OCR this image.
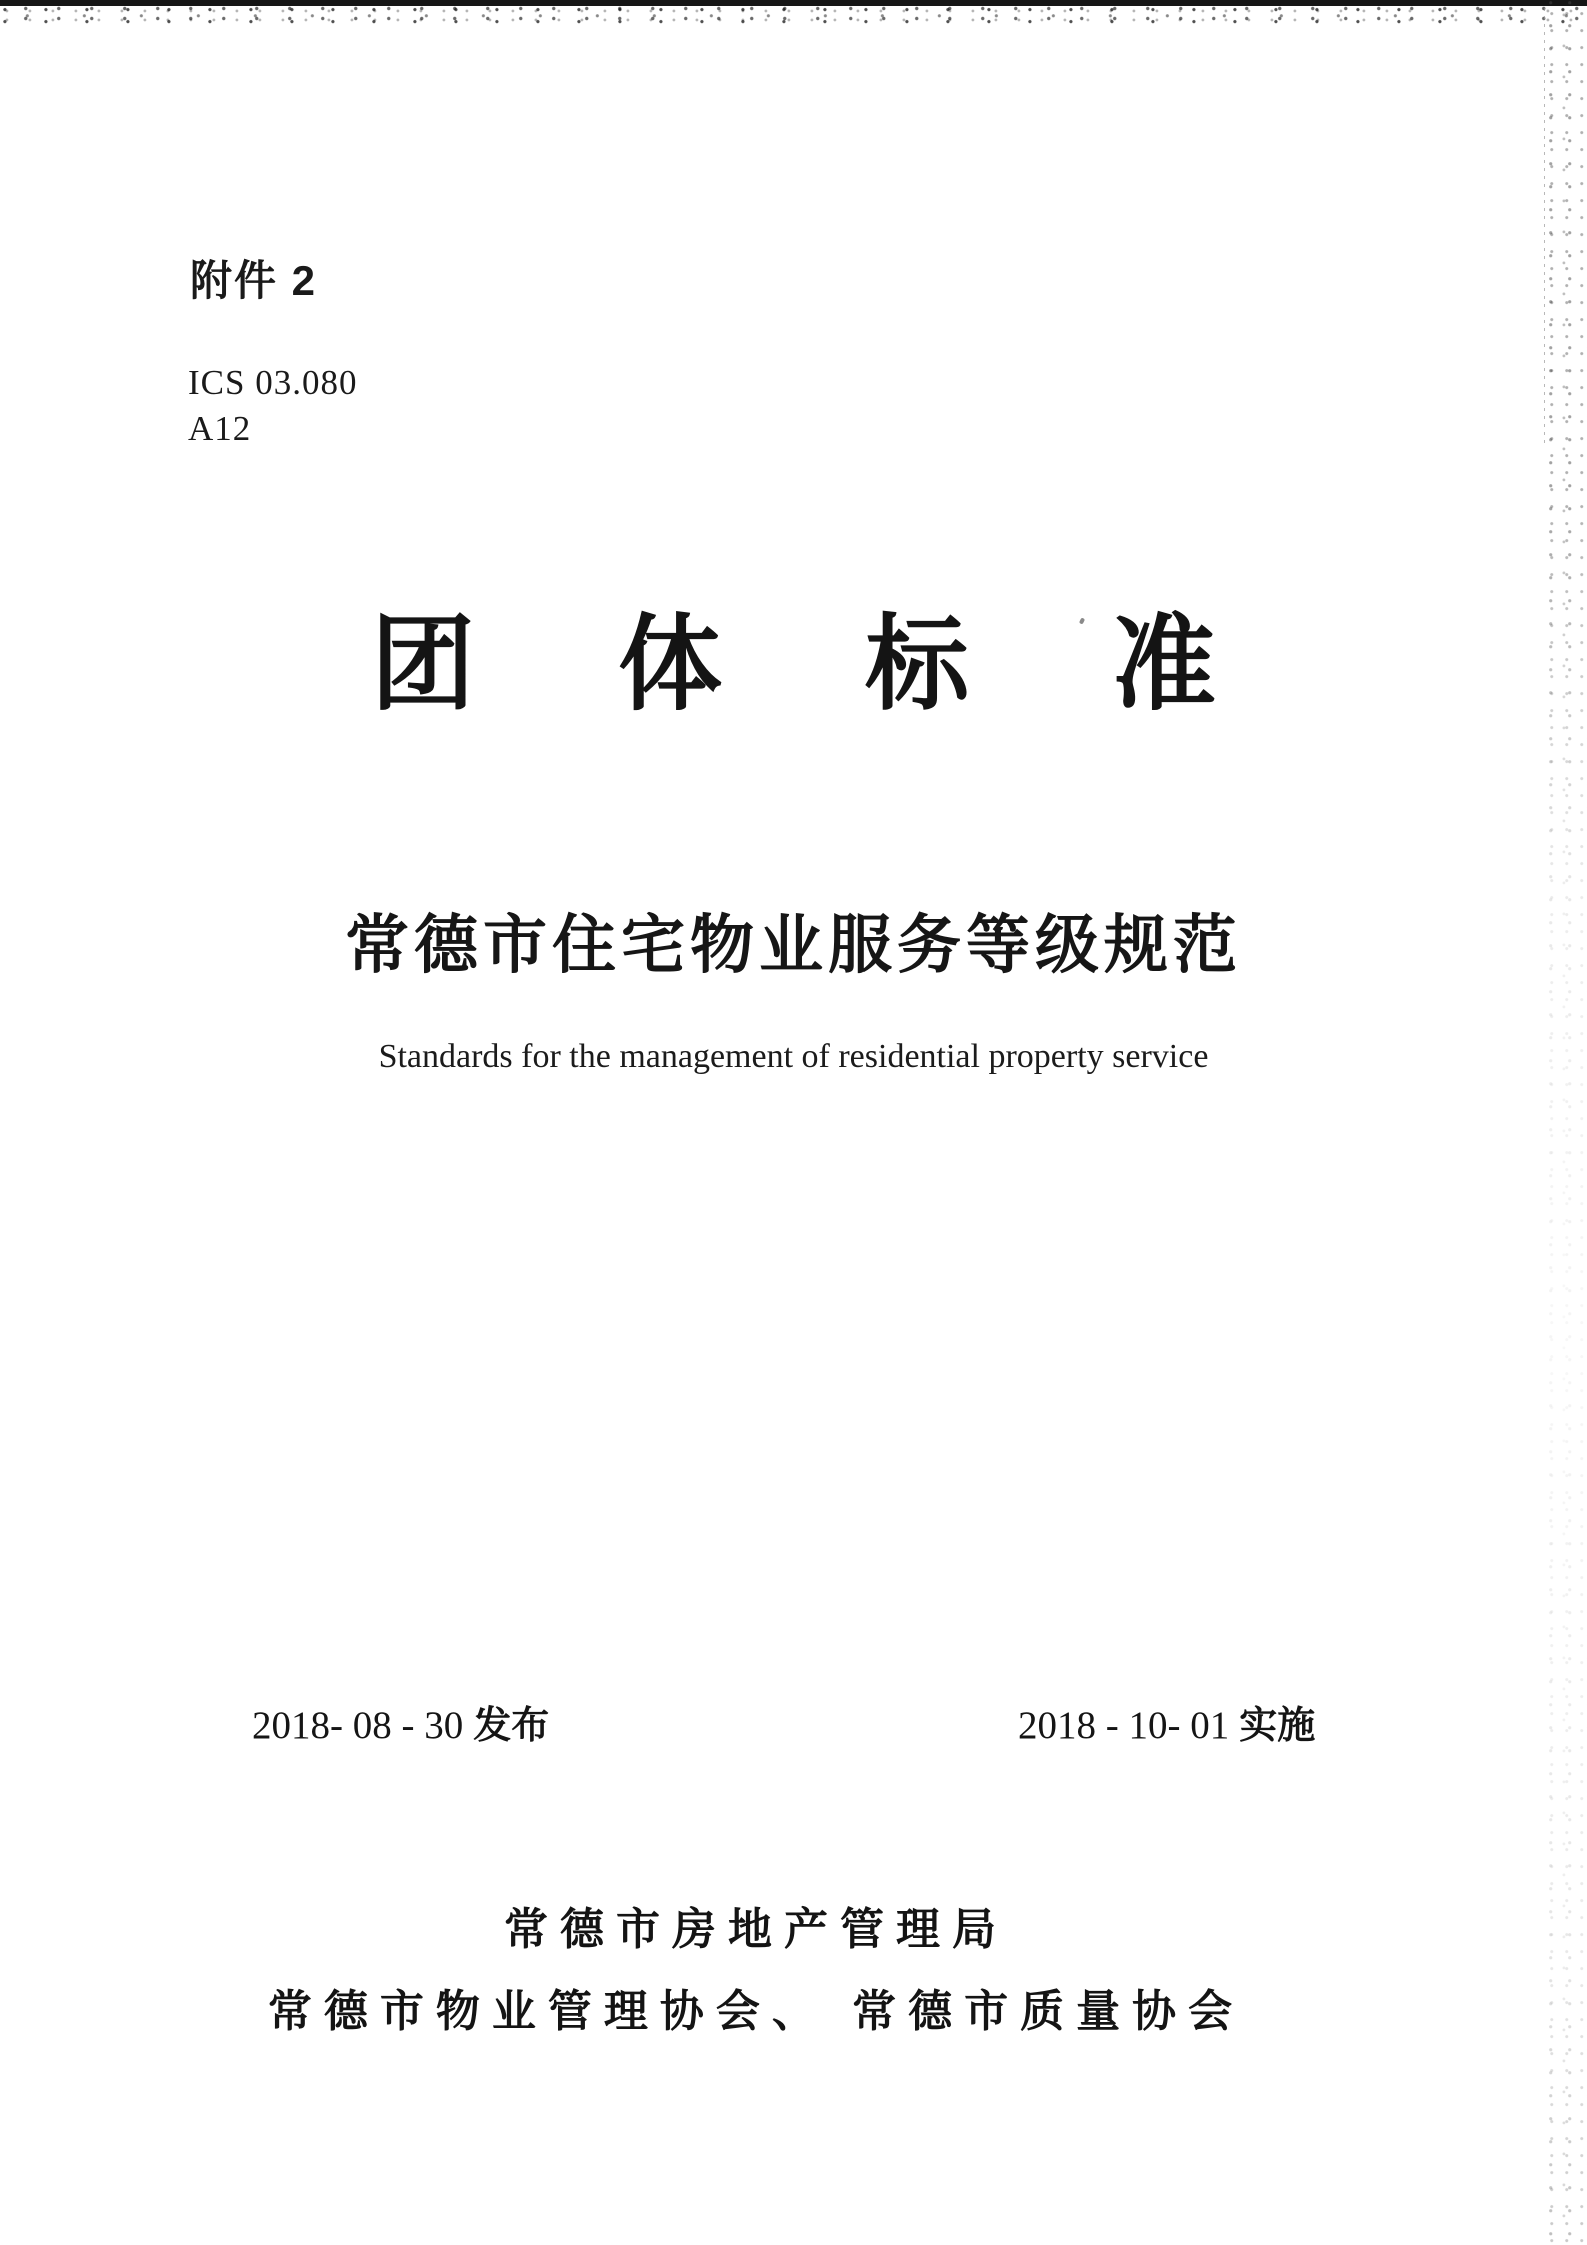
附件 2
ICS 03.080
A12
团 体 标 准
常德市住宅物业服务等级规范
Standards for the management of residential property service
2018- 08 - 30 发布	2018 - 10- 01 实施
常德市房地产管理局
常德市物业管理协会、 常德市质量协会
